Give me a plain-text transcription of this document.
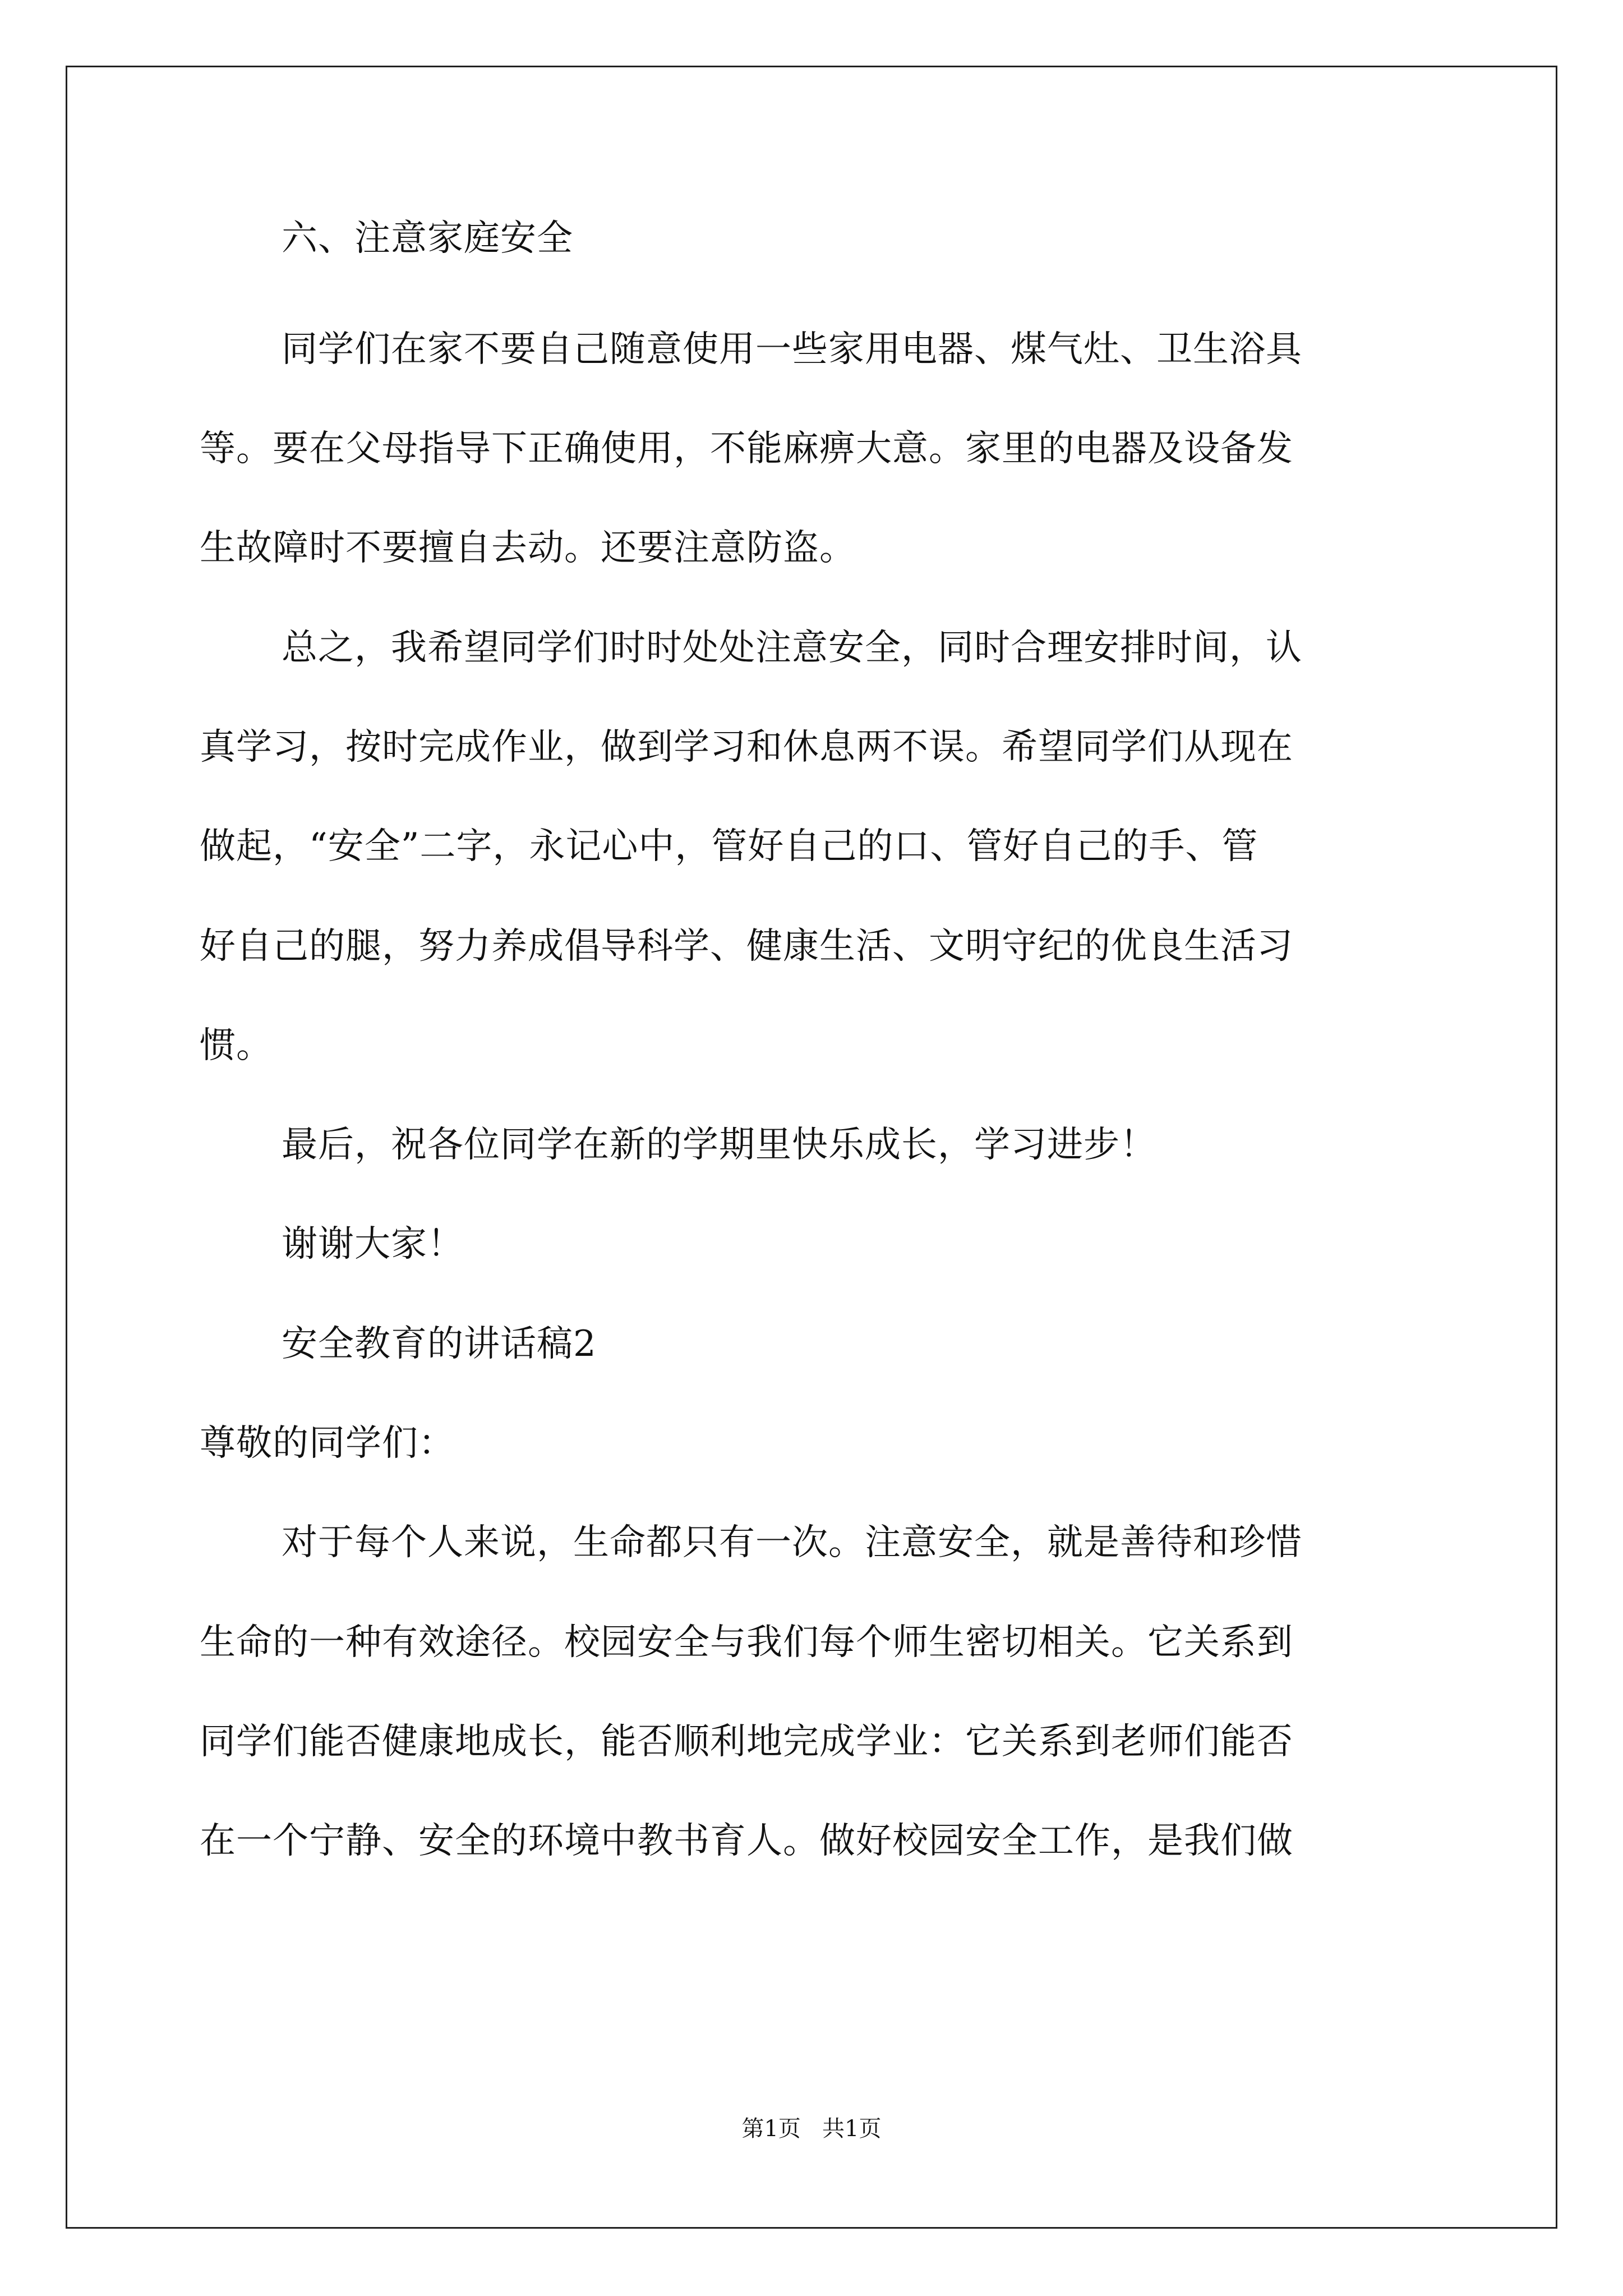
六、注意家庭安全
同学们在家不要自己随意使用一些家用电器、煤气灶、卫生浴具
等。要在父母指导下正确使用，不能麻痹大意。家里的电器及设备发
生故障时不要擅自去动。还要注意防盗。
总之，我希望同学们时时处处注意安全，同时合理安排时间，认
真学习，按时完成作业，做到学习和休息两不误。希望同学们从现在
做起，“安全”二字，永记心中，管好自己的口、管好自己的手、管
好自己的腿，努力养成倡导科学、健康生活、文明守纪的优良生活习
惯。
最后，祝各位同学在新的学期里快乐成长，学习进步！
谢谢大家！
安全教育的讲话稿2
尊敬的同学们：
对于每个人来说，生命都只有一次。注意安全，就是善待和珍惜
生命的一种有效途径。校园安全与我们每个师生密切相关。它关系到
同学们能否健康地成长，能否顺利地完成学业：它关系到老师们能否
在一个宁静、安全的环境中教书育人。做好校园安全工作，是我们做
第1页   共1页
